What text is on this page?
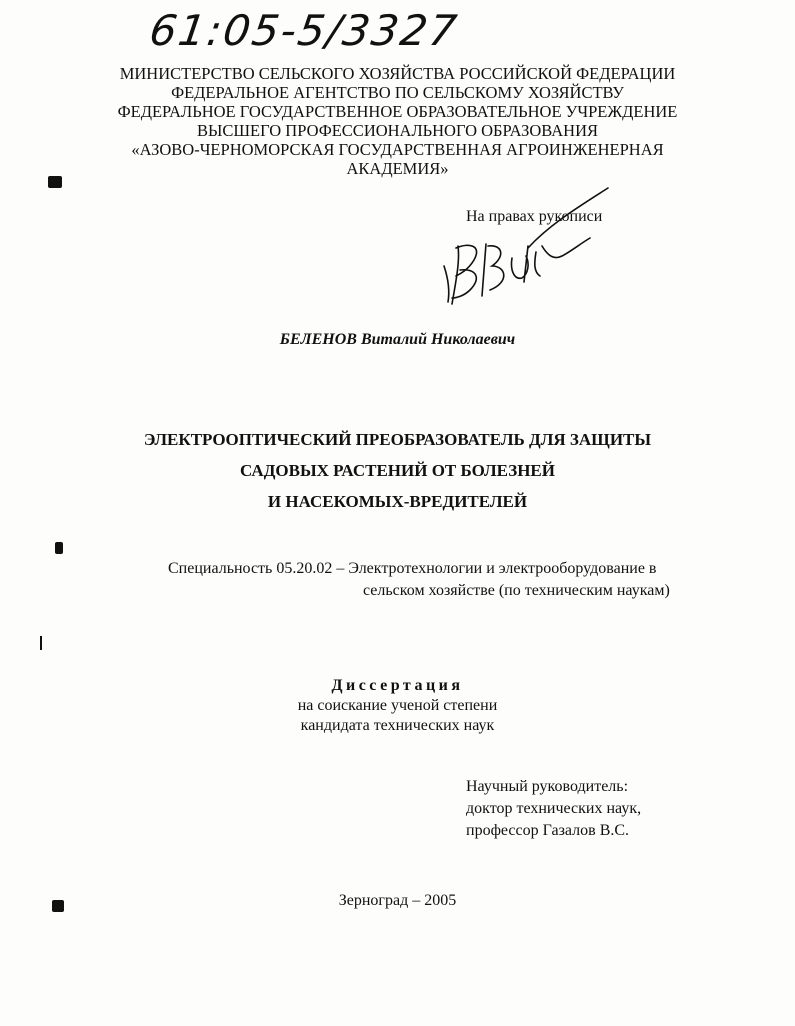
61:05-5/3327
МИНИСТЕРСТВО СЕЛЬСКОГО ХОЗЯЙСТВА РОССИЙСКОЙ ФЕДЕРАЦИИ
ФЕДЕРАЛЬНОЕ АГЕНТСТВО ПО СЕЛЬСКОМУ ХОЗЯЙСТВУ
ФЕДЕРАЛЬНОЕ ГОСУДАРСТВЕННОЕ ОБРАЗОВАТЕЛЬНОЕ УЧРЕЖДЕНИЕ
ВЫСШЕГО ПРОФЕССИОНАЛЬНОГО ОБРАЗОВАНИЯ
«АЗОВО-ЧЕРНОМОРСКАЯ ГОСУДАРСТВЕННАЯ АГРОИНЖЕНЕРНАЯ
АКАДЕМИЯ»
На правах рукописи
БЕЛЕНОВ Виталий Николаевич
ЭЛЕКТРООПТИЧЕСКИЙ ПРЕОБРАЗОВАТЕЛЬ ДЛЯ ЗАЩИТЫ
САДОВЫХ РАСТЕНИЙ ОТ БОЛЕЗНЕЙ
И НАСЕКОМЫХ-ВРЕДИТЕЛЕЙ
Специальность 05.20.02 – Электротехнологии и электрооборудование в
сельском хозяйстве (по техническим наукам)
Диссертация
на соискание ученой степени
кандидата технических наук
Научный руководитель:
доктор технических наук,
профессор Газалов В.С.
Зерноград – 2005
